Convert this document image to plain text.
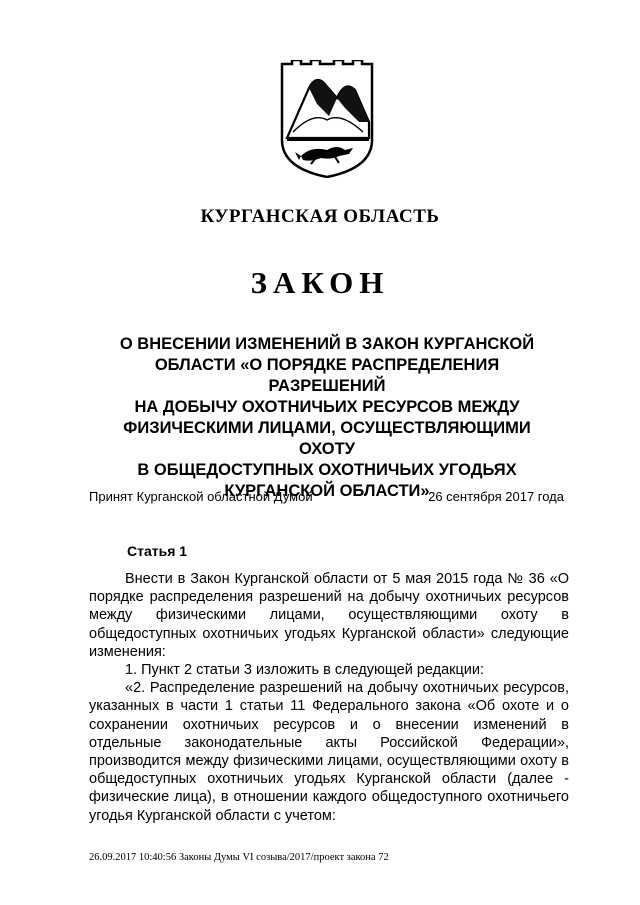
КУРГАНСКАЯ ОБЛАСТЬ
ЗАКОН
О ВНЕСЕНИИ ИЗМЕНЕНИЙ В ЗАКОН КУРГАНСКОЙ
ОБЛАСТИ «О ПОРЯДКЕ РАСПРЕДЕЛЕНИЯ РАЗРЕШЕНИЙ
НА ДОБЫЧУ ОХОТНИЧЬИХ РЕСУРСОВ МЕЖДУ
ФИЗИЧЕСКИМИ ЛИЦАМИ, ОСУЩЕСТВЛЯЮЩИМИ ОХОТУ
В ОБЩЕДОСТУПНЫХ ОХОТНИЧЬИХ УГОДЬЯХ
КУРГАНСКОЙ ОБЛАСТИ»
Принят Курганской областной Думой	26 сентября 2017 года
Статья 1

Внести в Закон Курганской области от 5 мая 2015 года № 36 «О порядке распределения разрешений на добычу охотничьих ресурсов между физическими лицами, осуществляющими охоту в общедоступных охотничьих угодьях Курганской области» следующие изменения:

1. Пункт 2 статьи 3 изложить в следующей редакции:

«2. Распределение разрешений на добычу охотничьих ресурсов, указанных в части 1 статьи 11 Федерального закона «Об охоте и о сохранении охотничьих ресурсов и о внесении изменений в отдельные законодательные акты Российской Федерации», производится между физическими лицами, осуществляющими охоту в общедоступных охотничьих угодьях Курганской области (далее - физические лица), в отношении каждого общедоступного охотничьего угодья Курганской области с учетом:

26.09.2017 10:40:56 Законы Думы VI созыва/2017/проект закона 72
